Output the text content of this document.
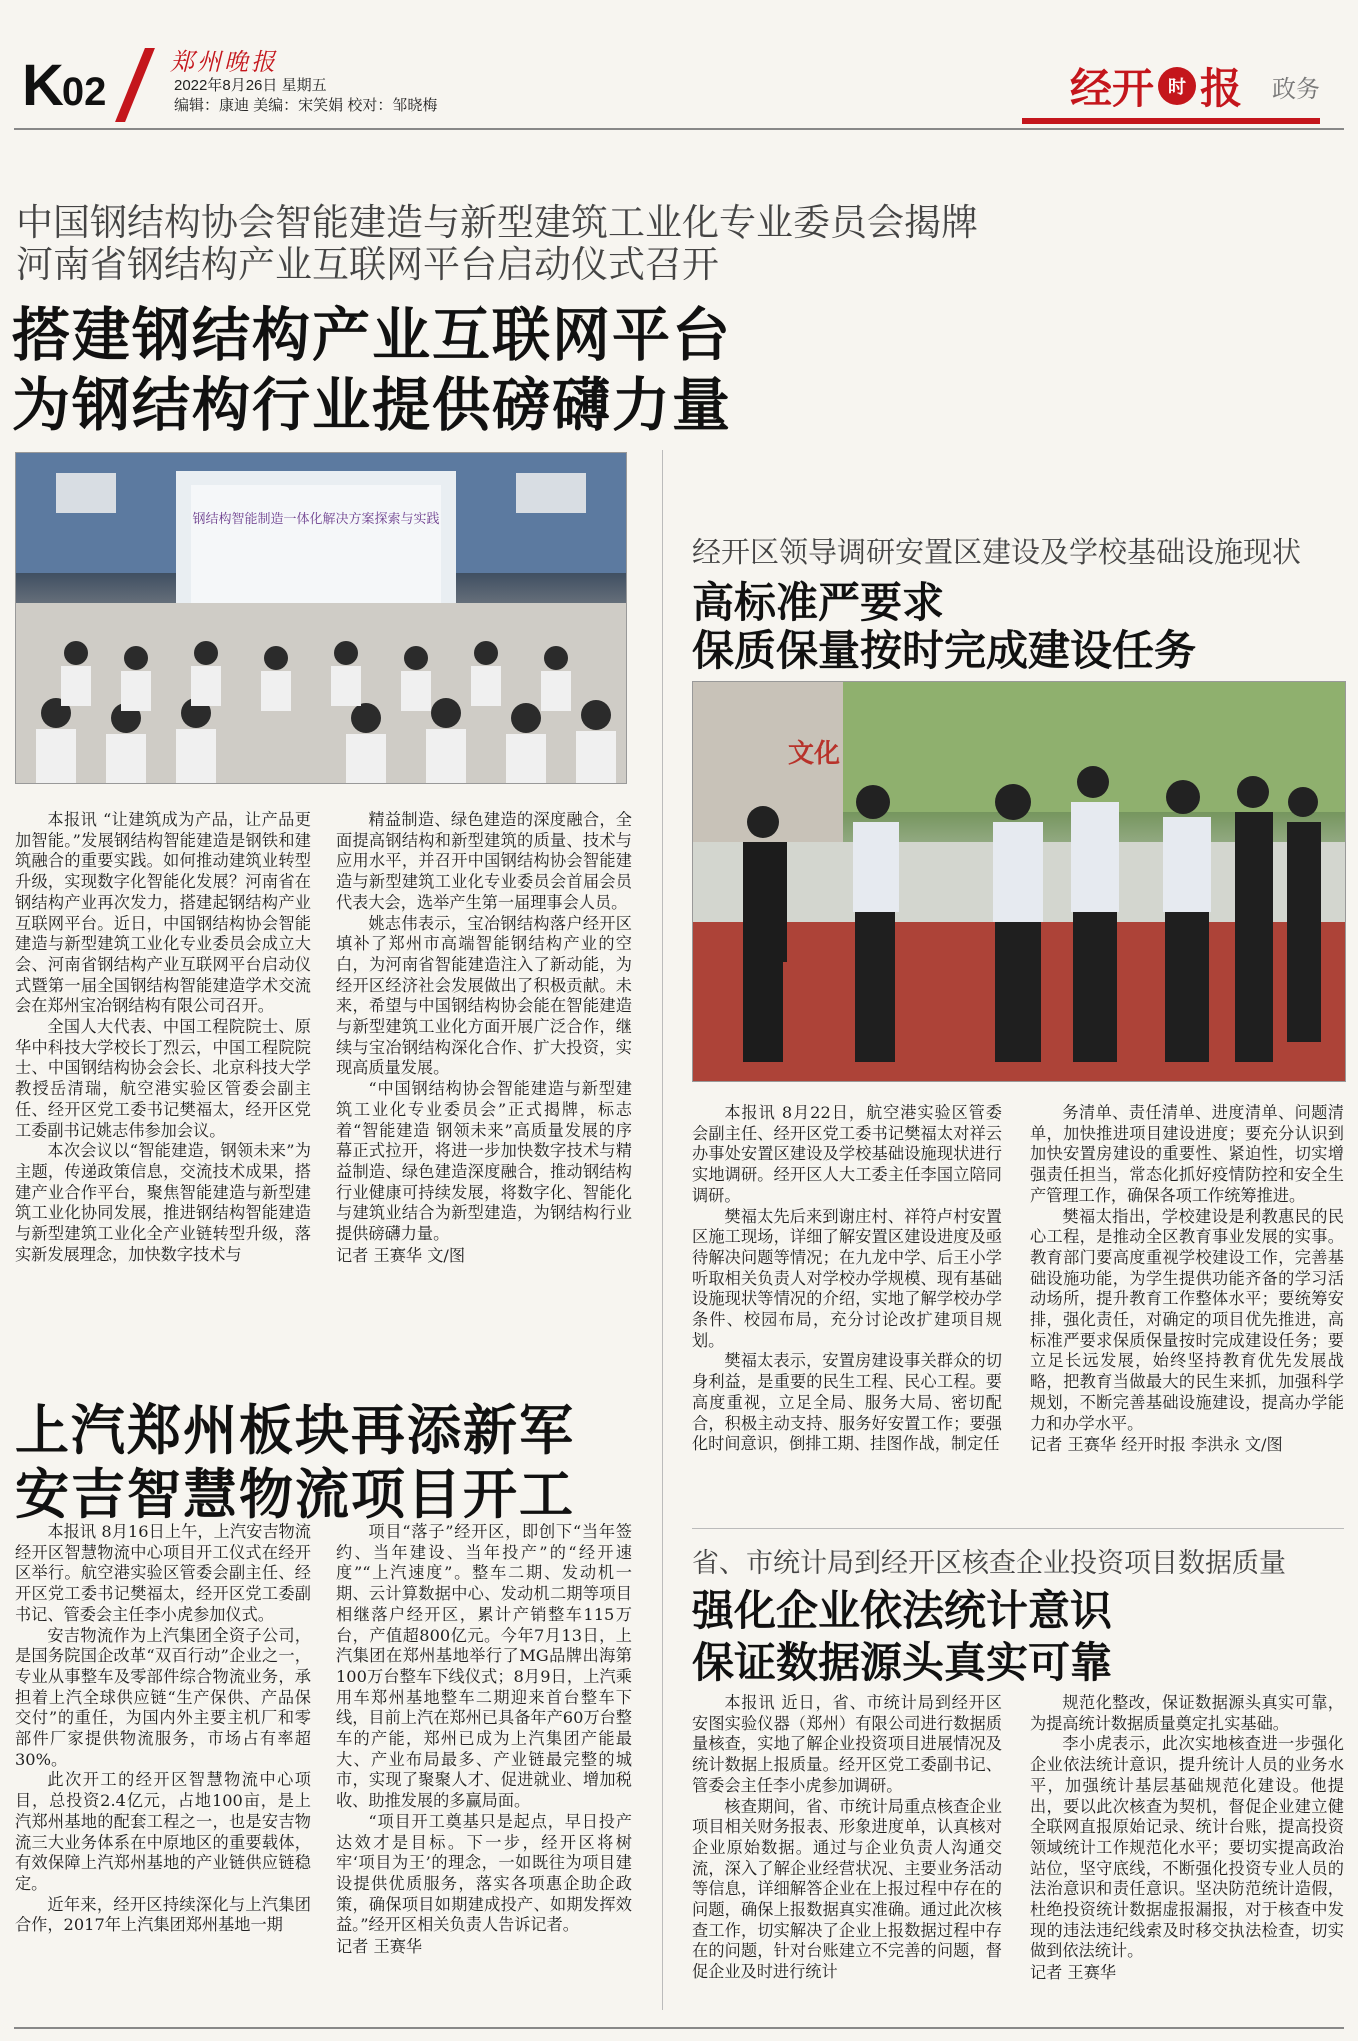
K02
郑州晚报
2022年8月26日 星期五
编辑：康迪 美编：宋笑娟 校对：邹晓梅	经开 时 报 政务
中国钢结构协会智能建造与新型建筑工业化专业委员会揭牌
河南省钢结构产业互联网平台启动仪式召开
搭建钢结构产业互联网平台
为钢结构行业提供磅礴力量
钢结构智能制造一体化解决方案探索与实践

本报讯 “让建筑成为产品，让产品更加智能。”发展钢结构智能建造是钢铁和建筑融合的重要实践。如何推动建筑业转型升级，实现数字化智能化发展？河南省在钢结构产业再次发力，搭建起钢结构产业互联网平台。近日，中国钢结构协会智能建造与新型建筑工业化专业委员会成立大会、河南省钢结构产业互联网平台启动仪式暨第一届全国钢结构智能建造学术交流会在郑州宝冶钢结构有限公司召开。

全国人大代表、中国工程院院士、原华中科技大学校长丁烈云，中国工程院院士、中国钢结构协会会长、北京科技大学教授岳清瑞，航空港实验区管委会副主任、经开区党工委书记樊福太，经开区党工委副书记姚志伟参加会议。

本次会议以“智能建造，钢领未来”为主题，传递政策信息，交流技术成果，搭建产业合作平台，聚焦智能建造与新型建筑工业化协同发展，推进钢结构智能建造与新型建筑工业化全产业链转型升级，落实新发展理念，加快数字技术与

精益制造、绿色建造的深度融合，全面提高钢结构和新型建筑的质量、技术与应用水平，并召开中国钢结构协会智能建造与新型建筑工业化专业委员会首届会员代表大会，选举产生第一届理事会人员。

姚志伟表示，宝冶钢结构落户经开区填补了郑州市高端智能钢结构产业的空白，为河南省智能建造注入了新动能，为经开区经济社会发展做出了积极贡献。未来，希望与中国钢结构协会能在智能建造与新型建筑工业化方面开展广泛合作，继续与宝冶钢结构深化合作、扩大投资，实现高质量发展。

“中国钢结构协会智能建造与新型建筑工业化专业委员会”正式揭牌，标志着“智能建造 钢领未来”高质量发展的序幕正式拉开，将进一步加快数字技术与精益制造、绿色建造深度融合，推动钢结构行业健康可持续发展，将数字化、智能化与建筑业结合为新型建造，为钢结构行业提供磅礴力量。

记者 王赛华 文/图
经开区领导调研安置区建设及学校基础设施现状
高标准严要求
保质保量按时完成建设任务
文化

本报讯 8月22日，航空港实验区管委会副主任、经开区党工委书记樊福太对祥云办事处安置区建设及学校基础设施现状进行实地调研。经开区人大工委主任李国立陪同调研。

樊福太先后来到谢庄村、祥符卢村安置区施工现场，详细了解安置区建设进度及亟待解决问题等情况；在九龙中学、后王小学听取相关负责人对学校办学规模、现有基础设施现状等情况的介绍，实地了解学校办学条件、校园布局，充分讨论改扩建项目规划。

樊福太表示，安置房建设事关群众的切身利益，是重要的民生工程、民心工程。要高度重视，立足全局、服务大局、密切配合，积极主动支持、服务好安置工作；要强化时间意识，倒排工期、挂图作战，制定任

务清单、责任清单、进度清单、问题清单，加快推进项目建设进度；要充分认识到加快安置房建设的重要性、紧迫性，切实增强责任担当，常态化抓好疫情防控和安全生产管理工作，确保各项工作统筹推进。

樊福太指出，学校建设是利教惠民的民心工程，是推动全区教育事业发展的实事。教育部门要高度重视学校建设工作，完善基础设施功能，为学生提供功能齐备的学习活动场所，提升教育工作整体水平；要统筹安排，强化责任，对确定的项目优先推进，高标准严要求保质保量按时完成建设任务；要立足长远发展，始终坚持教育优先发展战略，把教育当做最大的民生来抓，加强科学规划，不断完善基础设施建设，提高办学能力和办学水平。

记者 王赛华 经开时报 李洪永 文/图
上汽郑州板块再添新军
安吉智慧物流项目开工

本报讯 8月16日上午，上汽安吉物流经开区智慧物流中心项目开工仪式在经开区举行。航空港实验区管委会副主任、经开区党工委书记樊福太，经开区党工委副书记、管委会主任李小虎参加仪式。

安吉物流作为上汽集团全资子公司，是国务院国企改革“双百行动”企业之一，专业从事整车及零部件综合物流业务，承担着上汽全球供应链“生产保供、产品保交付”的重任，为国内外主要主机厂和零部件厂家提供物流服务，市场占有率超30%。

此次开工的经开区智慧物流中心项目，总投资2.4亿元，占地100亩，是上汽郑州基地的配套工程之一，也是安吉物流三大业务体系在中原地区的重要载体，有效保障上汽郑州基地的产业链供应链稳定。

近年来，经开区持续深化与上汽集团合作，2017年上汽集团郑州基地一期

项目“落子”经开区，即创下“当年签约、当年建设、当年投产”的“经开速度”“上汽速度”。整车二期、发动机一期、云计算数据中心、发动机二期等项目相继落户经开区，累计产销整车115万台，产值超800亿元。今年7月13日，上汽集团在郑州基地举行了MG品牌出海第100万台整车下线仪式；8月9日，上汽乘用车郑州基地整车二期迎来首台整车下线，目前上汽在郑州已具备年产60万台整车的产能，郑州已成为上汽集团产能最大、产业布局最多、产业链最完整的城市，实现了聚聚人才、促进就业、增加税收、助推发展的多赢局面。

“项目开工奠基只是起点，早日投产达效才是目标。下一步，经开区将树牢‘项目为王’的理念，一如既往为项目建设提供优质服务，落实各项惠企助企政策，确保项目如期建成投产、如期发挥效益。”经开区相关负责人告诉记者。

记者 王赛华
省、市统计局到经开区核查企业投资项目数据质量
强化企业依法统计意识
保证数据源头真实可靠

本报讯 近日，省、市统计局到经开区安图实验仪器（郑州）有限公司进行数据质量核查，实地了解企业投资项目进展情况及统计数据上报质量。经开区党工委副书记、管委会主任李小虎参加调研。

核查期间，省、市统计局重点核查企业项目相关财务报表、形象进度单，认真核对企业原始数据。通过与企业负责人沟通交流，深入了解企业经营状况、主要业务活动等信息，详细解答企业在上报过程中存在的问题，确保上报数据真实准确。通过此次核查工作，切实解决了企业上报数据过程中存在的问题，针对台账建立不完善的问题，督促企业及时进行统计

规范化整改，保证数据源头真实可靠，为提高统计数据质量奠定扎实基础。

李小虎表示，此次实地核查进一步强化企业依法统计意识，提升统计人员的业务水平，加强统计基层基础规范化建设。他提出，要以此次核查为契机，督促企业建立健全联网直报原始记录、统计台账，提高投资领域统计工作规范化水平；要切实提高政治站位，坚守底线，不断强化投资专业人员的法治意识和责任意识。坚决防范统计造假，杜绝投资统计数据虚报漏报，对于核查中发现的违法违纪线索及时移交执法检查，切实做到依法统计。

记者 王赛华
